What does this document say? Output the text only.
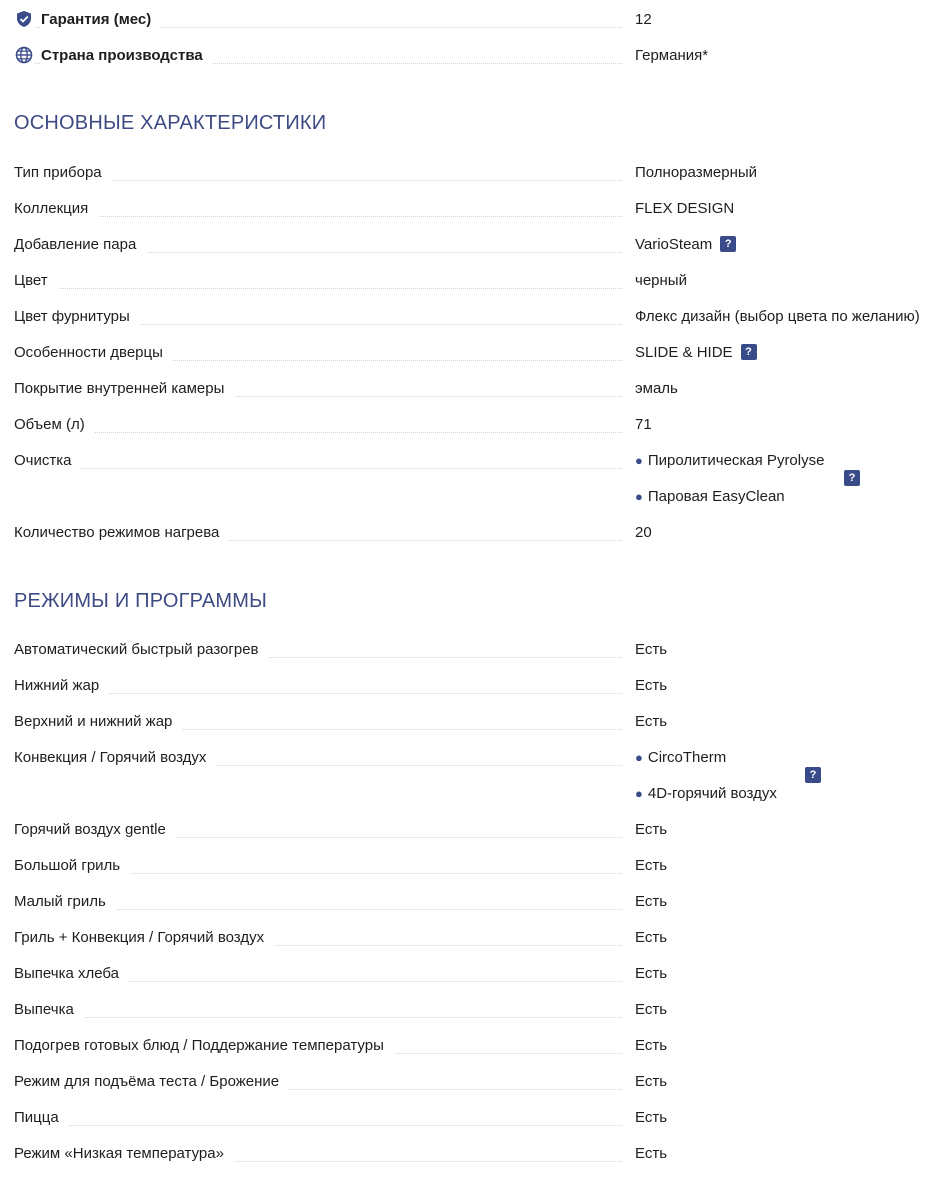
Гарантия (мес)	12
Страна производства	Германия*
ОСНОВНЫЕ ХАРАКТЕРИСТИКИ
Тип прибора	Полноразмерный
Коллекция	FLEX DESIGN
Добавление пара	VarioSteam	?
Цвет	черный
Цвет фурнитуры	Флекс дизайн (выбор цвета по желанию)
Особенности дверцы	SLIDE & HIDE	?
Покрытие внутренней камеры	эмаль
Объем (л)	71
Очистка	● Пиролитическая Pyrolyse
● Паровая EasyClean
?
Количество режимов нагрева	20
РЕЖИМЫ И ПРОГРАММЫ
Автоматический быстрый разогрев	Есть
Нижний жар	Есть
Верхний и нижний жар	Есть
Конвекция / Горячий воздух	● CircoTherm
● 4D-горячий воздух
?
Горячий воздух gentle	Есть
Большой гриль	Есть
Малый гриль	Есть
Гриль + Конвекция / Горячий воздух	Есть
Выпечка хлеба	Есть
Выпечка	Есть
Подогрев готовых блюд / Поддержание температуры	Есть
Режим для подъёма теста / Брожение	Есть
Пицца	Есть
Режим «Низкая температура»	Есть
